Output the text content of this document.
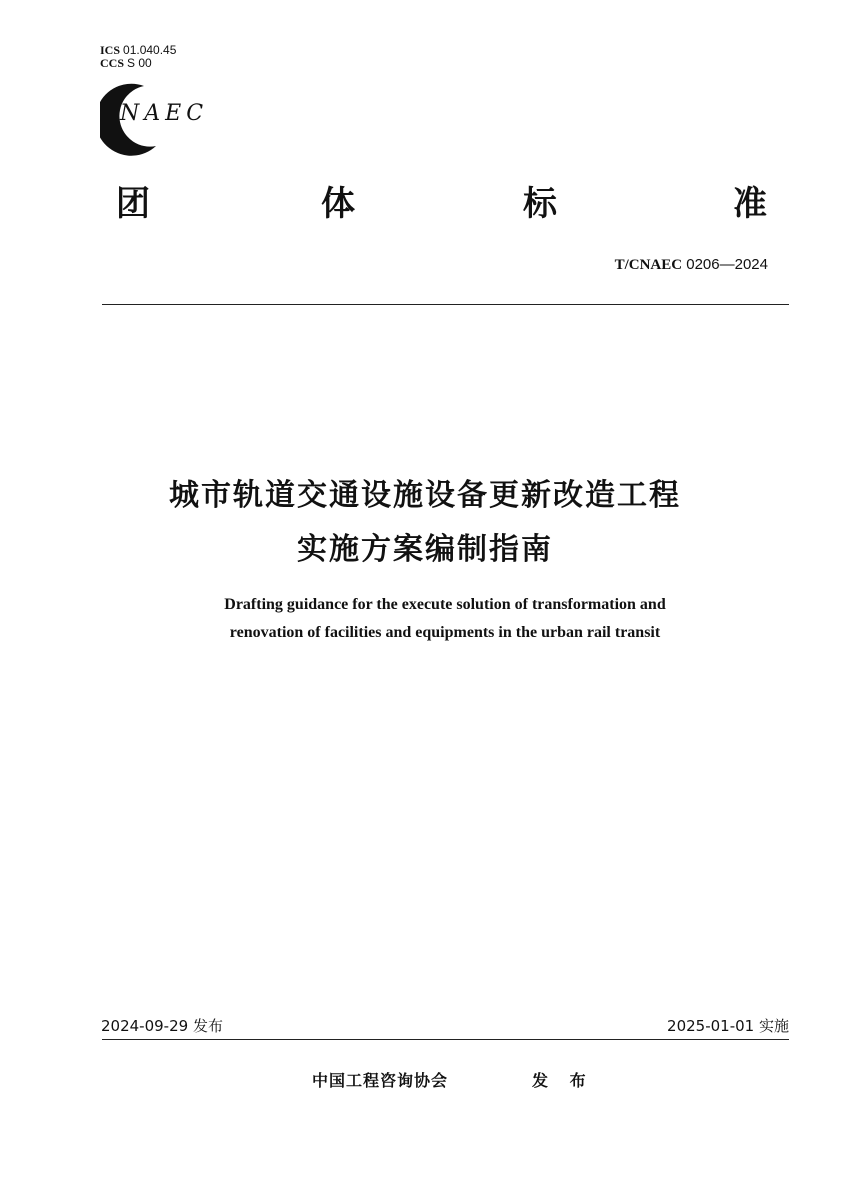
ICS 01.040.45
CCS S 00
NAEC
团	体	标	准
T/CNAEC 0206—2024
城市轨道交通设施设备更新改造工程
实施方案编制指南
Drafting guidance for the execute solution of transformation and
renovation of facilities and equipments in the urban rail transit
2024-09-29 发布	2025-01-01 实施
中国工程咨询协会	发 布
